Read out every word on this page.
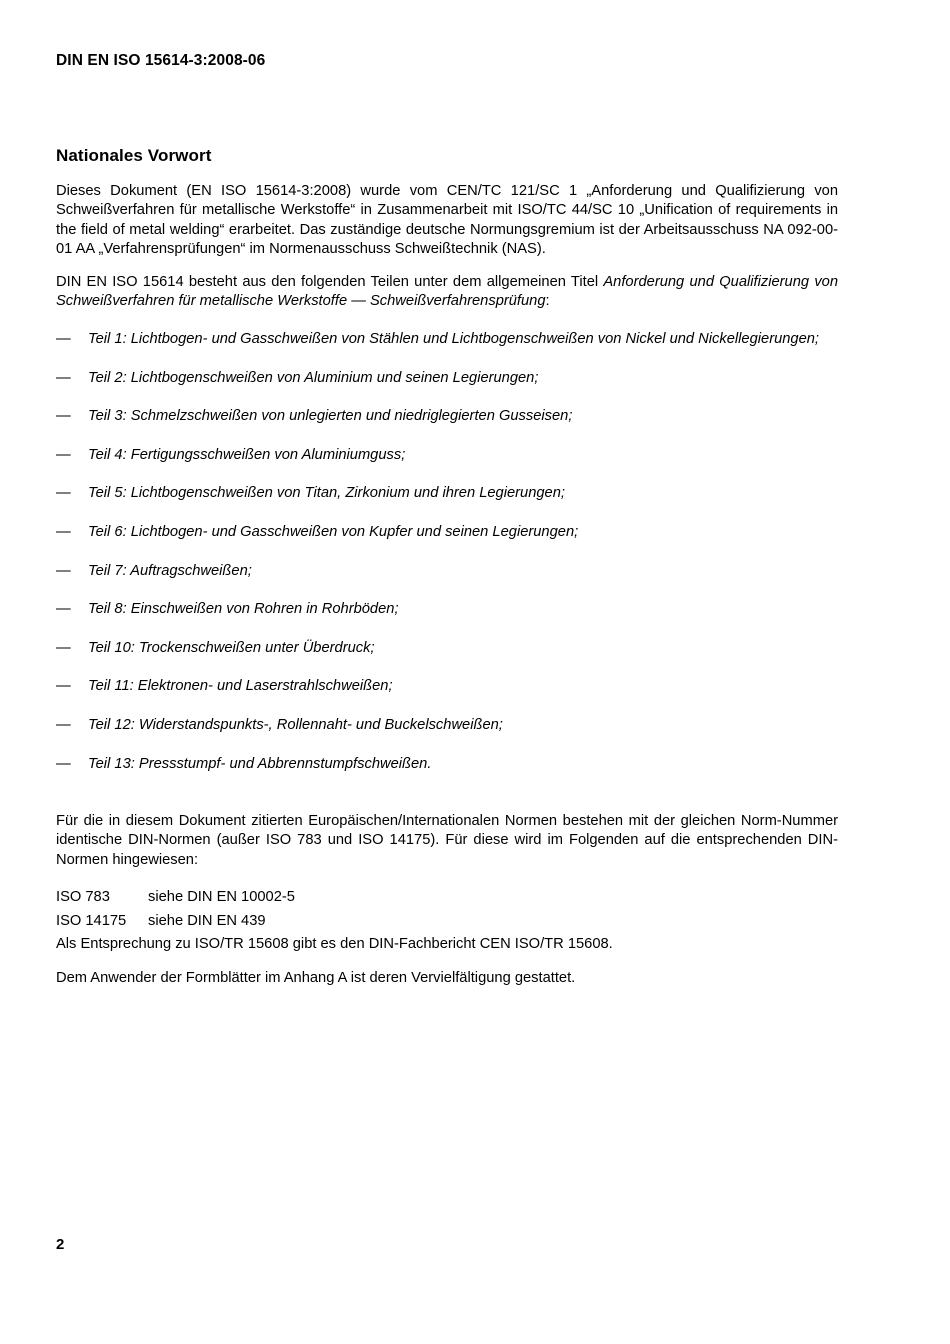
DIN EN ISO 15614-3:2008-06
Nationales Vorwort

Dieses Dokument (EN ISO 15614-3:2008) wurde vom CEN/TC 121/SC 1 „Anforderung und Qualifizierung von Schweißverfahren für metallische Werkstoffe“ in Zusammenarbeit mit ISO/TC 44/SC 10 „Unification of requirements in the field of metal welding“ erarbeitet. Das zuständige deutsche Normungsgremium ist der Arbeitsausschuss NA 092-00-01 AA „Verfahrensprüfungen“ im Normenausschuss Schweißtechnik (NAS).

DIN EN ISO 15614 besteht aus den folgenden Teilen unter dem allgemeinen Titel Anforderung und Qualifizierung von Schweißverfahren für metallische Werkstoffe — Schweißverfahrensprüfung:

—	Teil 1: Lichtbogen- und Gasschweißen von Stählen und Lichtbogenschweißen von Nickel und Nickellegierungen;
—	Teil 2: Lichtbogenschweißen von Aluminium und seinen Legierungen;
—	Teil 3: Schmelzschweißen von unlegierten und niedriglegierten Gusseisen;
—	Teil 4: Fertigungsschweißen von Aluminiumguss;
—	Teil 5: Lichtbogenschweißen von Titan, Zirkonium und ihren Legierungen;
—	Teil 6: Lichtbogen- und Gasschweißen von Kupfer und seinen Legierungen;
—	Teil 7: Auftragschweißen;
—	Teil 8: Einschweißen von Rohren in Rohrböden;
—	Teil 10: Trockenschweißen unter Überdruck;
—	Teil 11: Elektronen- und Laserstrahlschweißen;
—	Teil 12: Widerstandspunkts-, Rollennaht- und Buckelschweißen;
—	Teil 13: Pressstumpf- und Abbrennstumpfschweißen.

Für die in diesem Dokument zitierten Europäischen/Internationalen Normen bestehen mit der gleichen Norm-Nummer identische DIN-Normen (außer ISO 783 und ISO 14175). Für diese wird im Folgenden auf die entsprechenden DIN-Normen hingewiesen:

ISO 783	siehe DIN EN 10002-5
ISO 14175	siehe DIN EN 439
Als Entsprechung zu ISO/TR 15608 gibt es den DIN-Fachbericht CEN ISO/TR 15608.

Dem Anwender der Formblätter im Anhang A ist deren Vervielfältigung gestattet.

2
